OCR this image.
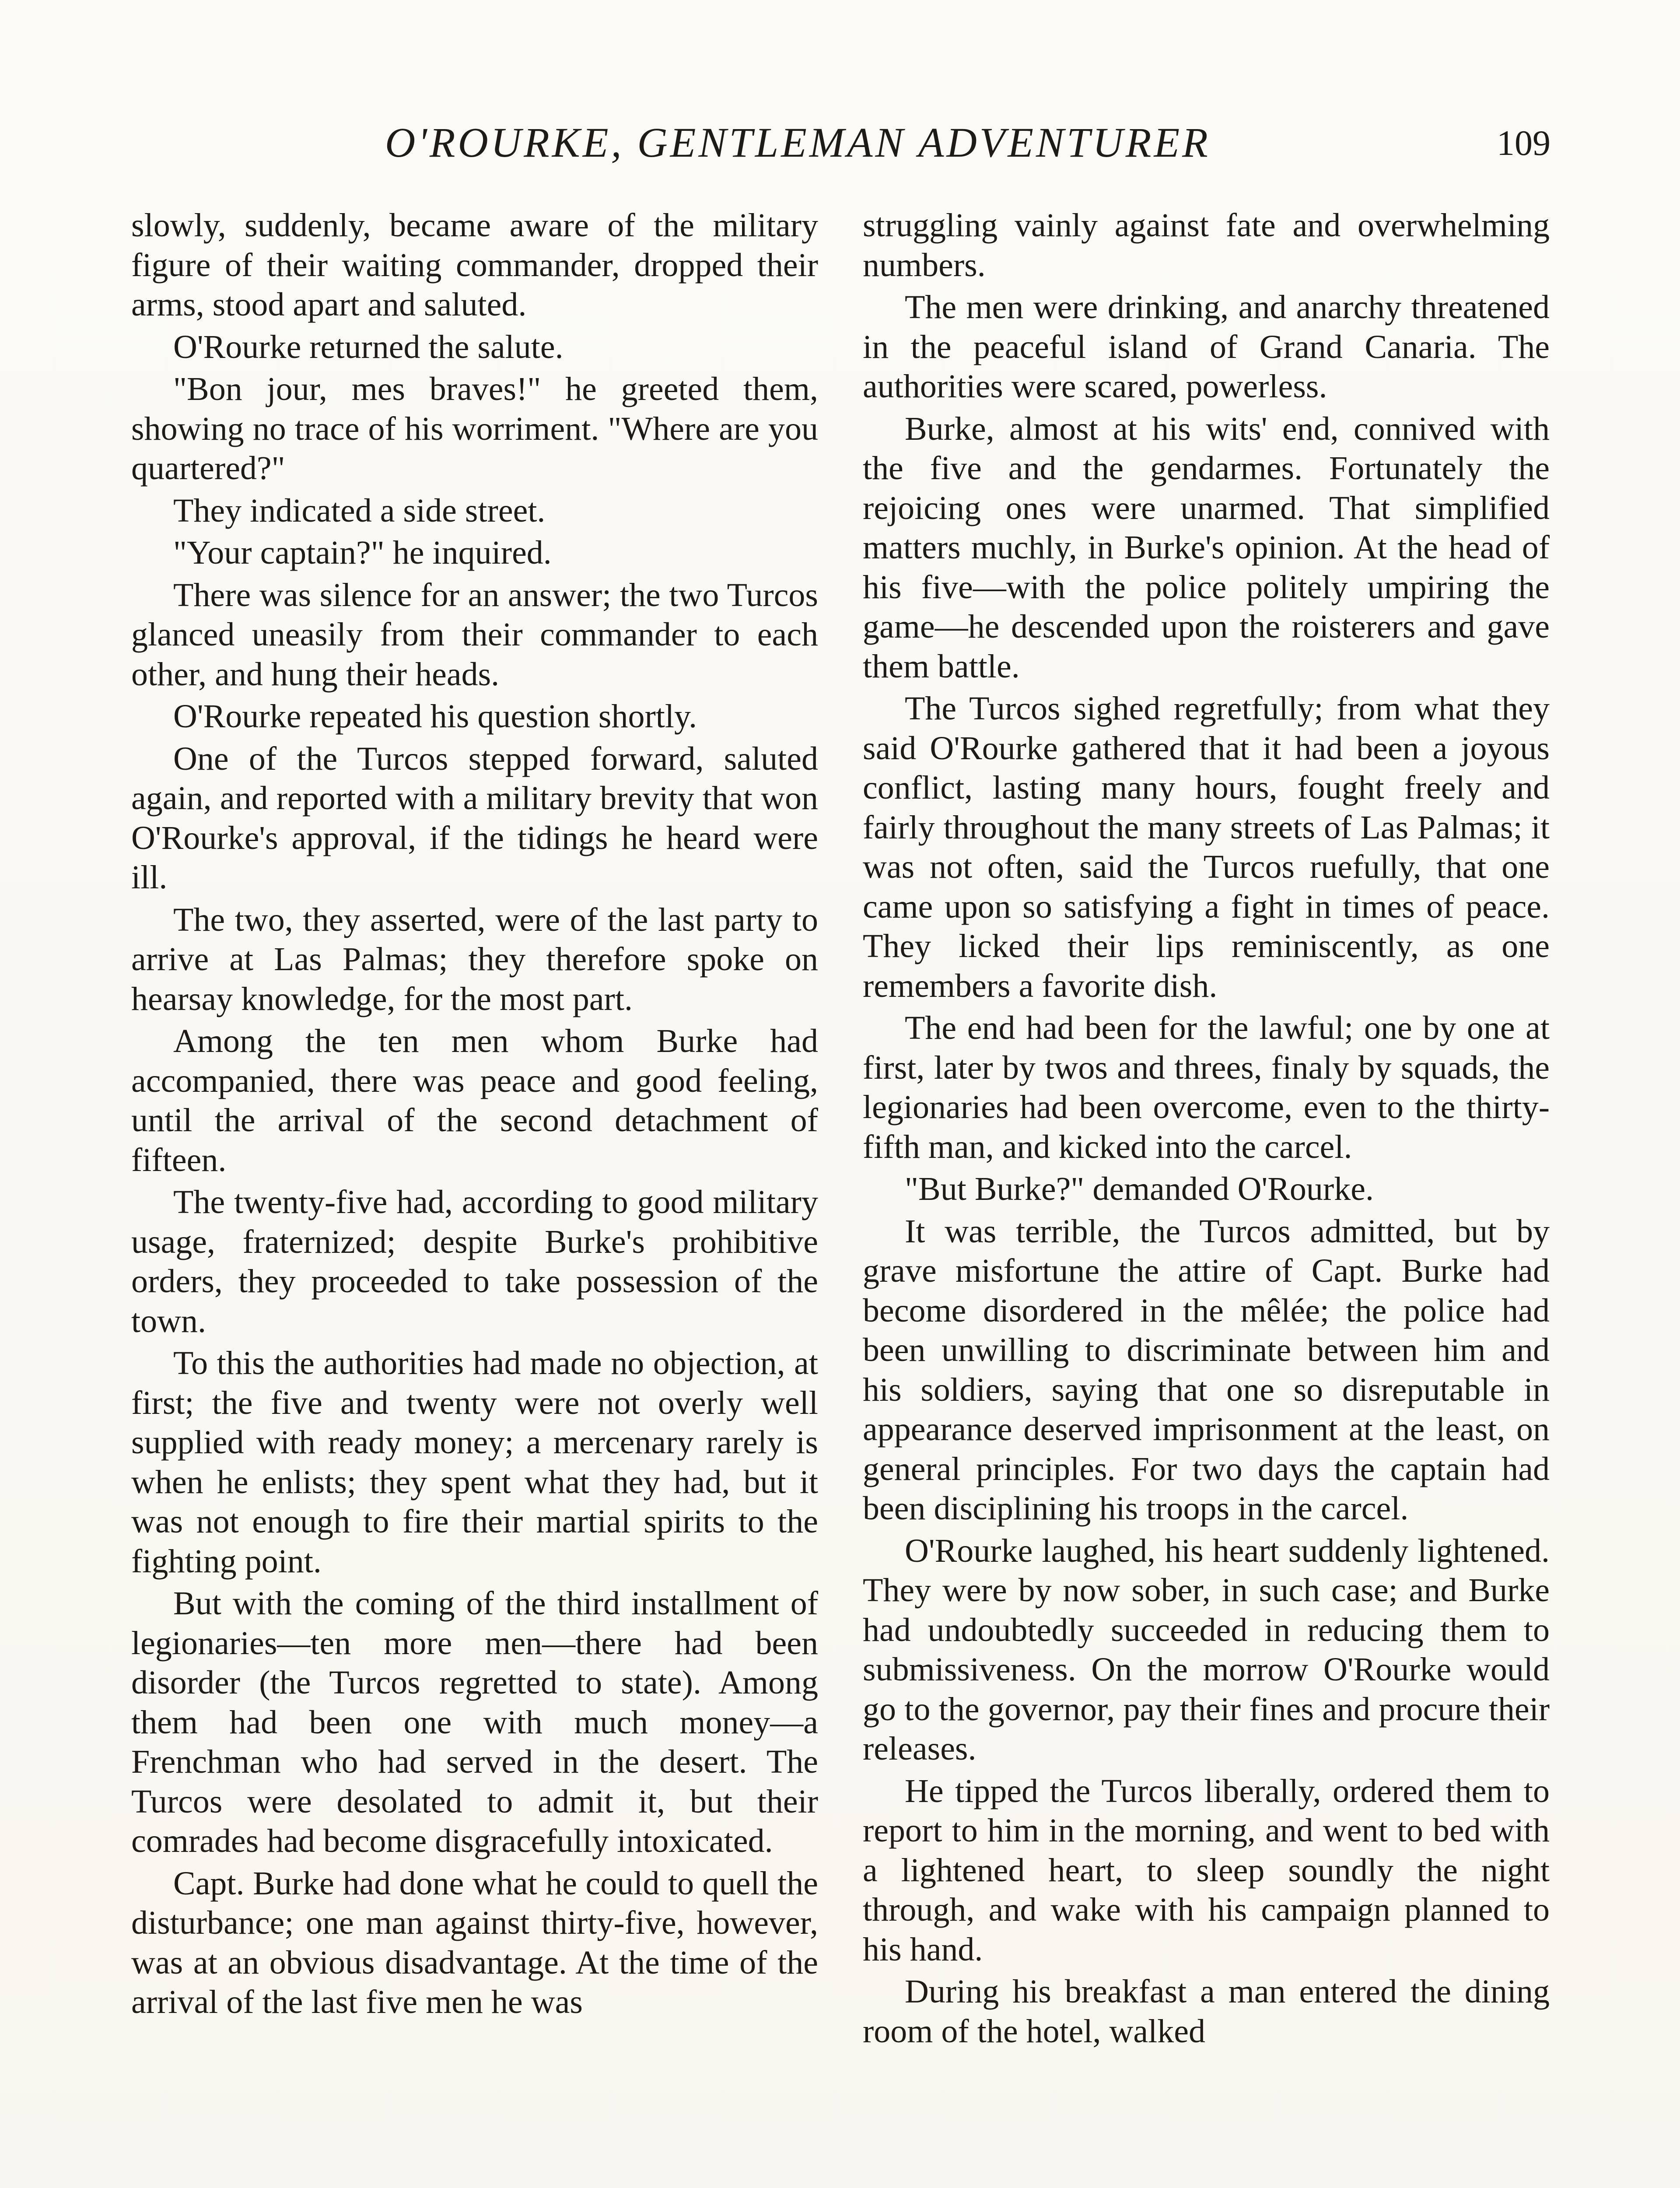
O'ROURKE, GENTLEMAN ADVENTURER	109

slowly, suddenly, became aware of the military figure of their waiting commander, dropped their arms, stood apart and saluted.

O'Rourke returned the salute.

"Bon jour, mes braves!" he greeted them, showing no trace of his worriment. "Where are you quartered?"

They indicated a side street.

"Your captain?" he inquired.

There was silence for an answer; the two Turcos glanced uneasily from their commander to each other, and hung their heads.

O'Rourke repeated his question shortly.

One of the Turcos stepped forward, saluted again, and reported with a military brevity that won O'Rourke's approval, if the tidings he heard were ill.

The two, they asserted, were of the last party to arrive at Las Palmas; they therefore spoke on hearsay knowledge, for the most part.

Among the ten men whom Burke had accompanied, there was peace and good feeling, until the arrival of the second detachment of fifteen.

The twenty-five had, according to good military usage, fraternized; despite Burke's prohibitive orders, they proceeded to take possession of the town.

To this the authorities had made no objection, at first; the five and twenty were not overly well supplied with ready money; a mercenary rarely is when he enlists; they spent what they had, but it was not enough to fire their martial spirits to the fighting point.

But with the coming of the third installment of legionaries—ten more men—there had been disorder (the Turcos regretted to state). Among them had been one with much money—a Frenchman who had served in the desert. The Turcos were desolated to admit it, but their comrades had become disgracefully intoxicated.

Capt. Burke had done what he could to quell the disturbance; one man against thirty-five, however, was at an obvious disadvantage. At the time of the arrival of the last five men he was

struggling vainly against fate and overwhelming numbers.

The men were drinking, and anarchy threatened in the peaceful island of Grand Canaria. The authorities were scared, powerless.

Burke, almost at his wits' end, connived with the five and the gendarmes. Fortunately the rejoicing ones were unarmed. That simplified matters muchly, in Burke's opinion. At the head of his five—with the police politely umpiring the game—he descended upon the roisterers and gave them battle.

The Turcos sighed regretfully; from what they said O'Rourke gathered that it had been a joyous conflict, lasting many hours, fought freely and fairly throughout the many streets of Las Palmas; it was not often, said the Turcos ruefully, that one came upon so satisfying a fight in times of peace. They licked their lips reminiscently, as one remembers a favorite dish.

The end had been for the lawful; one by one at first, later by twos and threes, finaly by squads, the legionaries had been overcome, even to the thirty-fifth man, and kicked into the carcel.

"But Burke?" demanded O'Rourke.

It was terrible, the Turcos admitted, but by grave misfortune the attire of Capt. Burke had become disordered in the mêlée; the police had been unwilling to discriminate between him and his soldiers, saying that one so disreputable in appearance deserved imprisonment at the least, on general principles. For two days the captain had been disciplining his troops in the carcel.

O'Rourke laughed, his heart suddenly lightened. They were by now sober, in such case; and Burke had undoubtedly succeeded in reducing them to submissiveness. On the morrow O'Rourke would go to the governor, pay their fines and procure their releases.

He tipped the Turcos liberally, ordered them to report to him in the morning, and went to bed with a lightened heart, to sleep soundly the night through, and wake with his campaign planned to his hand.

During his breakfast a man entered the dining room of the hotel, walked
